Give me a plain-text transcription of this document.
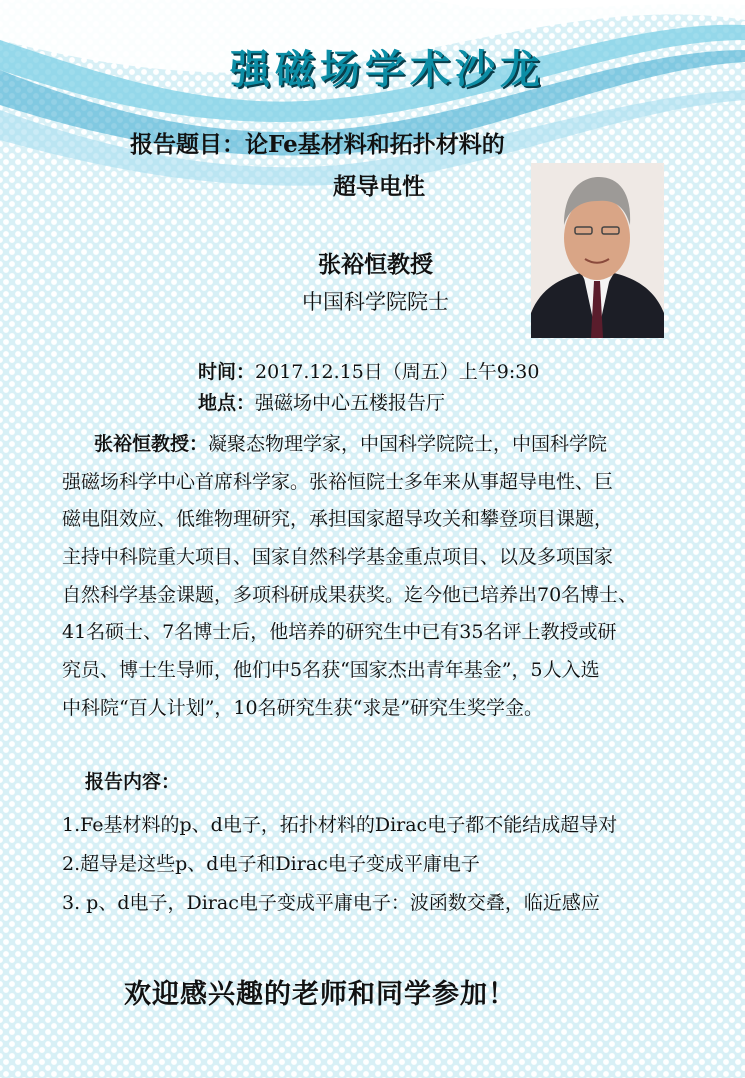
强磁场学术沙龙
报告题目：论Fe基材料和拓扑材料的
超导电性
张裕恒教授
中国科学院院士
时间：2017.12.15日（周五）上午9:30
地点：强磁场中心五楼报告厅
张裕恒教授：凝聚态物理学家，中国科学院院士，中国科学院
强磁场科学中心首席科学家。张裕恒院士多年来从事超导电性、巨
磁电阻效应、低维物理研究，承担国家超导攻关和攀登项目课题，
主持中科院重大项目、国家自然科学基金重点项目、以及多项国家
自然科学基金课题，多项科研成果获奖。迄今他已培养出70名博士、
41名硕士、7名博士后，他培养的研究生中已有35名评上教授或研
究员、博士生导师，他们中5名获“国家杰出青年基金”，5人入选
中科院“百人计划”，10名研究生获“求是”研究生奖学金。
报告内容：
1.Fe基材料的p、d电子，拓扑材料的Dirac电子都不能结成超导对
2.超导是这些p、d电子和Dirac电子变成平庸电子
3. p、d电子，Dirac电子变成平庸电子：波函数交叠，临近感应
欢迎感兴趣的老师和同学参加！
